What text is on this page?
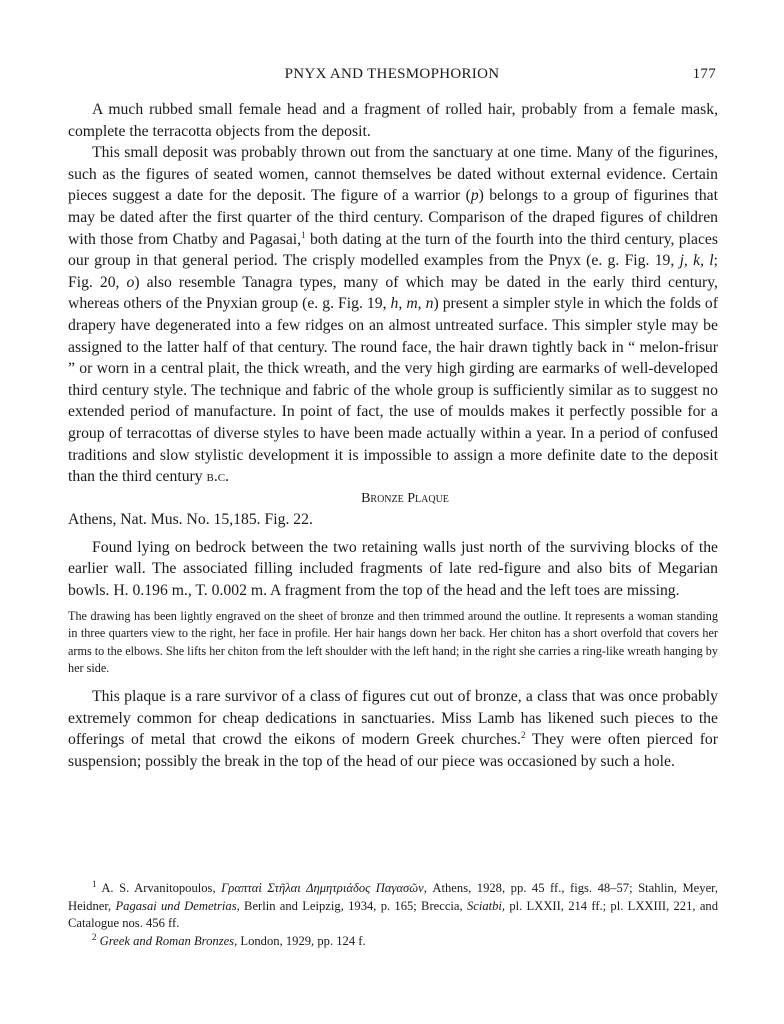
PNYX AND THESMOPHORION	177

A much rubbed small female head and a fragment of rolled hair, probably from a female mask, complete the terracotta objects from the deposit.

This small deposit was probably thrown out from the sanctuary at one time. Many of the figurines, such as the figures of seated women, cannot themselves be dated without external evidence. Certain pieces suggest a date for the deposit. The figure of a warrior (p) belongs to a group of figurines that may be dated after the first quarter of the third century. Comparison of the draped figures of children with those from Chatby and Pagasai,$^1$ both dating at the turn of the fourth into the third century, places our group in that general period. The crisply modelled examples from the Pnyx (e. g. Fig. 19, j, k, l; Fig. 20, o) also resemble Tanagra types, many of which may be dated in the early third century, whereas others of the Pnyxian group (e. g. Fig. 19, h, m, n) present a simpler style in which the folds of drapery have degenerated into a few ridges on an almost untreated surface. This simpler style may be assigned to the latter half of that century. The round face, the hair drawn tightly back in “ melon-frisur ” or worn in a central plait, the thick wreath, and the very high girding are earmarks of well-developed third century style. The technique and fabric of the whole group is sufficiently similar as to suggest no extended period of manufacture. In point of fact, the use of moulds makes it perfectly possible for a group of terracottas of diverse styles to have been made actually within a year. In a period of confused traditions and slow stylistic development it is impossible to assign a more definite date to the deposit than the third century b.c.

Bronze Plaque

Athens, Nat. Mus. No. 15,185. Fig. 22.

Found lying on bedrock between the two retaining walls just north of the surviving blocks of the earlier wall. The associated filling included fragments of late red-figure and also bits of Megarian bowls. H. 0.196 m., T. 0.002 m. A fragment from the top of the head and the left toes are missing.

The drawing has been lightly engraved on the sheet of bronze and then trimmed around the outline. It represents a woman standing in three quarters view to the right, her face in profile. Her hair hangs down her back. Her chiton has a short overfold that covers her arms to the elbows. She lifts her chiton from the left shoulder with the left hand; in the right she carries a ring-like wreath hanging by her side.

This plaque is a rare survivor of a class of figures cut out of bronze, a class that was once probably extremely common for cheap dedications in sanctuaries. Miss Lamb has likened such pieces to the offerings of metal that crowd the eikons of modern Greek churches.$^2$ They were often pierced for suspension; possibly the break in the top of the head of our piece was occasioned by such a hole.

$^1$ A. S. Arvanitopoulos, Γραπταὶ Στῆλαι Δημητριάδος Παγασῶν, Athens, 1928, pp. 45 ff., figs. 48–57; Stahlin, Meyer, Heidner, Pagasai und Demetrias, Berlin and Leipzig, 1934, p. 165; Breccia, Sciatbi, pl. LXXII, 214 ff.; pl. LXXIII, 221, and Catalogue nos. 456 ff.

$^2$ Greek and Roman Bronzes, London, 1929, pp. 124 f.
